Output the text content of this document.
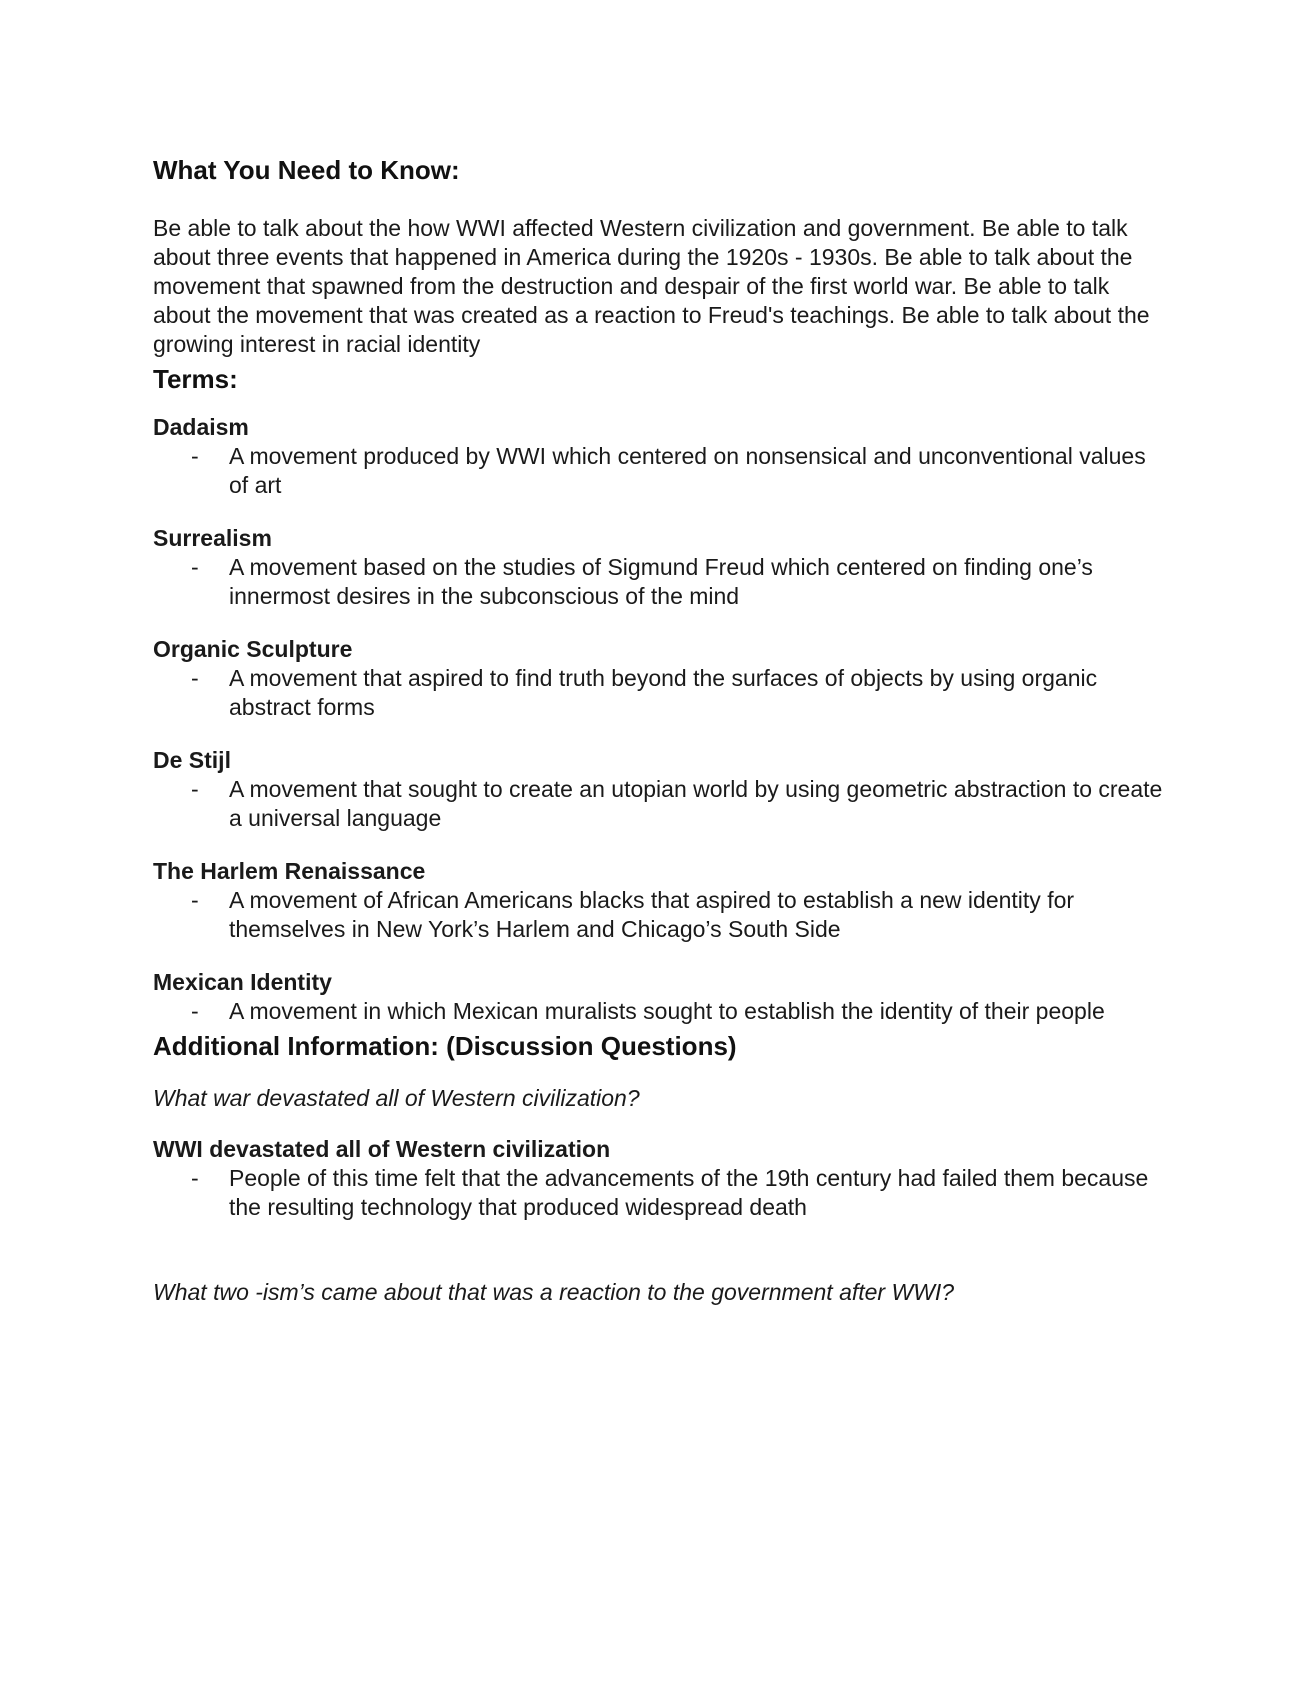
What You Need to Know:

Be able to talk about the how WWI affected Western civilization and government. Be able to talk about three events that happened in America during the 1920s - 1930s. Be able to talk about the movement that spawned from the destruction and despair of the first world war. Be able to talk about the movement that was created as a reaction to Freud's teachings. Be able to talk about the growing interest in racial identity

Terms:

Dadaism

-	A movement produced by WWI which centered on nonsensical and unconventional values of art

Surrealism

-	A movement based on the studies of Sigmund Freud which centered on finding one’s innermost desires in the subconscious of the mind

Organic Sculpture

-	A movement that aspired to find truth beyond the surfaces of objects by using organic abstract forms

De Stijl

-	A movement that sought to create an utopian world by using geometric abstraction to create a universal language

The Harlem Renaissance

-	A movement of African Americans blacks that aspired to establish a new identity for themselves in New York’s Harlem and Chicago’s South Side

Mexican Identity

-	A movement in which Mexican muralists sought to establish the identity of their people
Additional Information: (Discussion Questions)

What war devastated all of Western civilization?

WWI devastated all of Western civilization

-	People of this time felt that the advancements of the 19th century had failed them because the resulting technology that produced widespread death

What two -ism’s came about that was a reaction to the government after WWI?
